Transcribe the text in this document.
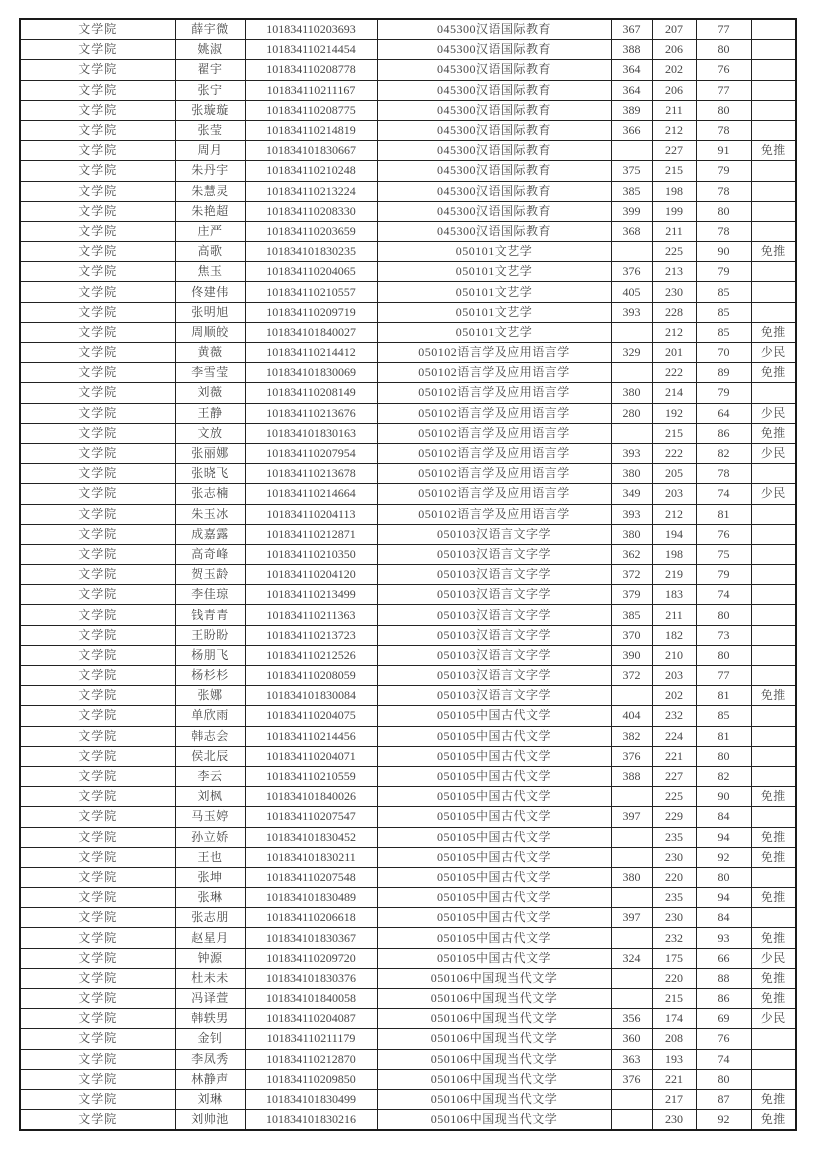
文学院	薛宇微	101834110203693	045300汉语国际教育	367	207	77	
文学院	姚淑	101834110214454	045300汉语国际教育	388	206	80	
文学院	翟宇	101834110208778	045300汉语国际教育	364	202	76	
文学院	张宁	101834110211167	045300汉语国际教育	364	206	77	
文学院	张璇璇	101834110208775	045300汉语国际教育	389	211	80	
文学院	张莹	101834110214819	045300汉语国际教育	366	212	78	
文学院	周月	101834101830667	045300汉语国际教育		227	91	免推
文学院	朱丹宇	101834110210248	045300汉语国际教育	375	215	79	
文学院	朱慧灵	101834110213224	045300汉语国际教育	385	198	78	
文学院	朱艳超	101834110208330	045300汉语国际教育	399	199	80	
文学院	庄严	101834110203659	045300汉语国际教育	368	211	78	
文学院	高歌	101834101830235	050101文艺学		225	90	免推
文学院	焦玉	101834110204065	050101文艺学	376	213	79	
文学院	佟建伟	101834110210557	050101文艺学	405	230	85	
文学院	张明旭	101834110209719	050101文艺学	393	228	85	
文学院	周顺皎	101834101840027	050101文艺学		212	85	免推
文学院	黄薇	101834110214412	050102语言学及应用语言学	329	201	70	少民
文学院	李雪莹	101834101830069	050102语言学及应用语言学		222	89	免推
文学院	刘薇	101834110208149	050102语言学及应用语言学	380	214	79	
文学院	王静	101834110213676	050102语言学及应用语言学	280	192	64	少民
文学院	文放	101834101830163	050102语言学及应用语言学		215	86	免推
文学院	张丽娜	101834110207954	050102语言学及应用语言学	393	222	82	少民
文学院	张晓飞	101834110213678	050102语言学及应用语言学	380	205	78	
文学院	张志楠	101834110214664	050102语言学及应用语言学	349	203	74	少民
文学院	朱玉冰	101834110204113	050102语言学及应用语言学	393	212	81	
文学院	成嘉露	101834110212871	050103汉语言文字学	380	194	76	
文学院	高奇峰	101834110210350	050103汉语言文字学	362	198	75	
文学院	贺玉龄	101834110204120	050103汉语言文字学	372	219	79	
文学院	李佳琼	101834110213499	050103汉语言文字学	379	183	74	
文学院	钱青青	101834110211363	050103汉语言文字学	385	211	80	
文学院	王盼盼	101834110213723	050103汉语言文字学	370	182	73	
文学院	杨朋飞	101834110212526	050103汉语言文字学	390	210	80	
文学院	杨杉杉	101834110208059	050103汉语言文字学	372	203	77	
文学院	张娜	101834101830084	050103汉语言文字学		202	81	免推
文学院	单欣雨	101834110204075	050105中国古代文学	404	232	85	
文学院	韩志会	101834110214456	050105中国古代文学	382	224	81	
文学院	侯北辰	101834110204071	050105中国古代文学	376	221	80	
文学院	李云	101834110210559	050105中国古代文学	388	227	82	
文学院	刘枫	101834101840026	050105中国古代文学		225	90	免推
文学院	马玉婷	101834110207547	050105中国古代文学	397	229	84	
文学院	孙立娇	101834101830452	050105中国古代文学		235	94	免推
文学院	王也	101834101830211	050105中国古代文学		230	92	免推
文学院	张坤	101834110207548	050105中国古代文学	380	220	80	
文学院	张琳	101834101830489	050105中国古代文学		235	94	免推
文学院	张志朋	101834110206618	050105中国古代文学	397	230	84	
文学院	赵星月	101834101830367	050105中国古代文学		232	93	免推
文学院	钟源	101834110209720	050105中国古代文学	324	175	66	少民
文学院	杜未未	101834101830376	050106中国现当代文学		220	88	免推
文学院	冯译萱	101834101840058	050106中国现当代文学		215	86	免推
文学院	韩轶男	101834110204087	050106中国现当代文学	356	174	69	少民
文学院	金钊	101834110211179	050106中国现当代文学	360	208	76	
文学院	李凤秀	101834110212870	050106中国现当代文学	363	193	74	
文学院	林静声	101834110209850	050106中国现当代文学	376	221	80	
文学院	刘琳	101834101830499	050106中国现当代文学		217	87	免推
文学院	刘帅池	101834101830216	050106中国现当代文学		230	92	免推
